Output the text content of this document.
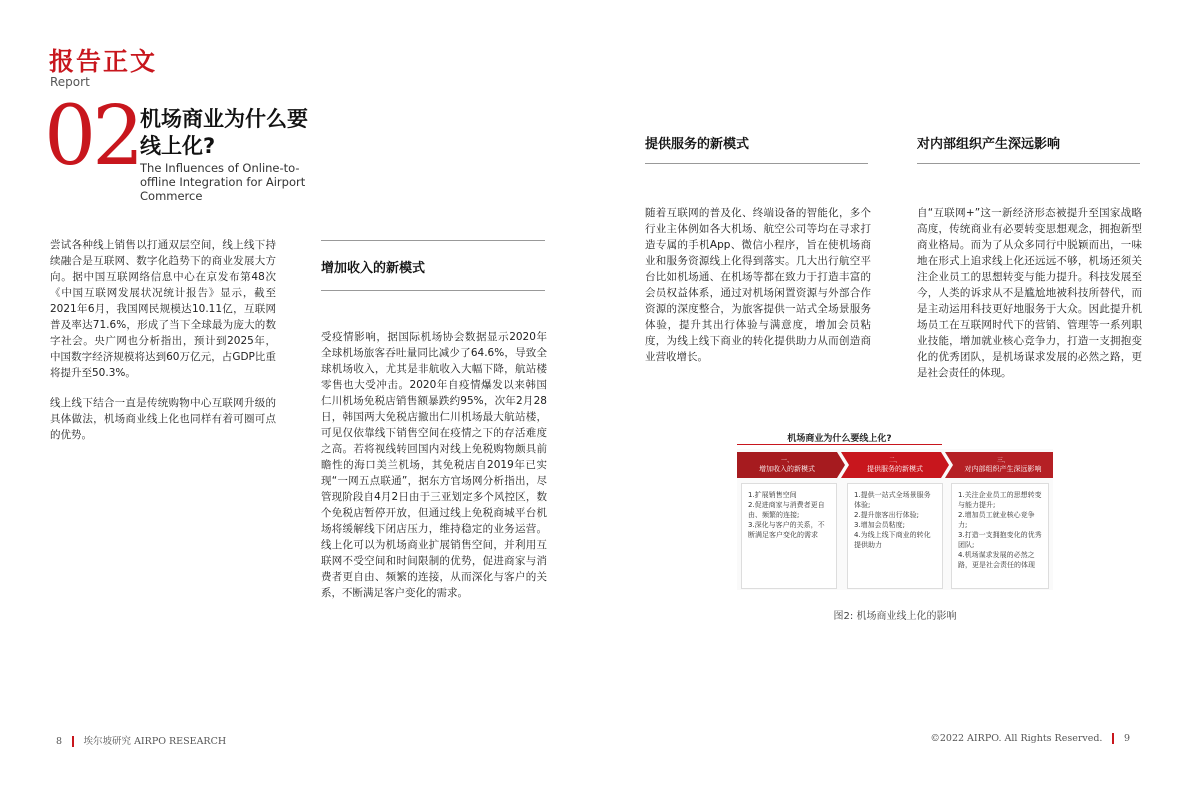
报告正文
Report
02 机场商业为什么要线上化?
The Influences of Online-to-offline Integration for Airport Commerce

尝试各种线上销售以打通双层空间，线上线下持续融合是互联网、数字化趋势下的商业发展大方向。据中国互联网络信息中心在京发布第48次《中国互联网发展状况统计报告》显示，截至2021年6月，我国网民规模达10.11亿，互联网普及率达71.6%，形成了当下全球最为庞大的数字社会。央广网也分析指出，预计到2025年，中国数字经济规模将达到60万亿元，占GDP比重将提升至50.3%。

线上线下结合一直是传统购物中心互联网升级的具体做法，机场商业线上化也同样有着可圈可点的优势。

增加收入的新模式

受疫情影响，据国际机场协会数据显示2020年全球机场旅客吞吐量同比减少了64.6%，导致全球机场收入，尤其是非航收入大幅下降，航站楼零售也大受冲击。2020年自疫情爆发以来韩国仁川机场免税店销售额暴跌约95%，次年2月28日，韩国两大免税店撤出仁川机场最大航站楼，可见仅依靠线下销售空间在疫情之下的存活难度之高。若将视线转回国内对线上免税购物颇具前瞻性的海口美兰机场，其免税店自2019年已实现“一网五点联通”，据东方官场网分析指出，尽管现阶段自4月2日由于三亚划定多个风控区，数个免税店暂停开放，但通过线上免税商城平台机场将缓解线下闭店压力，维持稳定的业务运营。线上化可以为机场商业扩展销售空间，并利用互联网不受空间和时间限制的优势，促进商家与消费者更自由、频繁的连接，从而深化与客户的关系，不断满足客户变化的需求。

提供服务的新模式

随着互联网的普及化、终端设备的智能化，多个行业主体例如各大机场、航空公司等均在寻求打造专属的手机App、微信小程序，旨在使机场商业和服务资源线上化得到落实。几大出行航空平台比如机场通、在机场等都在致力于打造丰富的会员权益体系，通过对机场闲置资源与外部合作资源的深度整合，为旅客提供一站式全场景服务体验，提升其出行体验与满意度，增加会员粘度，为线上线下商业的转化提供助力从而创造商业营收增长。

对内部组织产生深远影响

自“互联网+”这一新经济形态被提升至国家战略高度，传统商业有必要转变思想观念，拥抱新型商业格局。而为了从众多同行中脱颖而出，一味地在形式上追求线上化还远远不够，机场还须关注企业员工的思想转变与能力提升。科技发展至今，人类的诉求从不是尴尬地被科技所替代，而是主动运用科技更好地服务于大众。因此提升机场员工在互联网时代下的营销、管理等一系列职业技能，增加就业核心竞争力，打造一支拥抱变化的优秀团队，是机场谋求发展的必然之路，更是社会责任的体现。

机场商业为什么要线上化?
一、
增加收入的新模式
二、
提供服务的新模式
三、
对内部组织产生深远影响

1.扩展销售空间

2.促进商家与消费者更自由、频繁的连接;

3.深化与客户的关系，不断满足客户变化的需求

1.提供一站式全场景服务体验;

2.提升旅客出行体验;

3.增加会员粘度;

4.为线上线下商业的转化提供助力

1.关注企业员工的思想转变与能力提升;

2.增加员工就业核心竞争力;

3.打造一支拥抱变化的优秀团队;

4.机场谋求发展的必然之路，更是社会责任的体现

图2: 机场商业线上化的影响
8 埃尔坡研究 AIRPO RESEARCH	©2022 AIRPO. All Rights Reserved. 9
